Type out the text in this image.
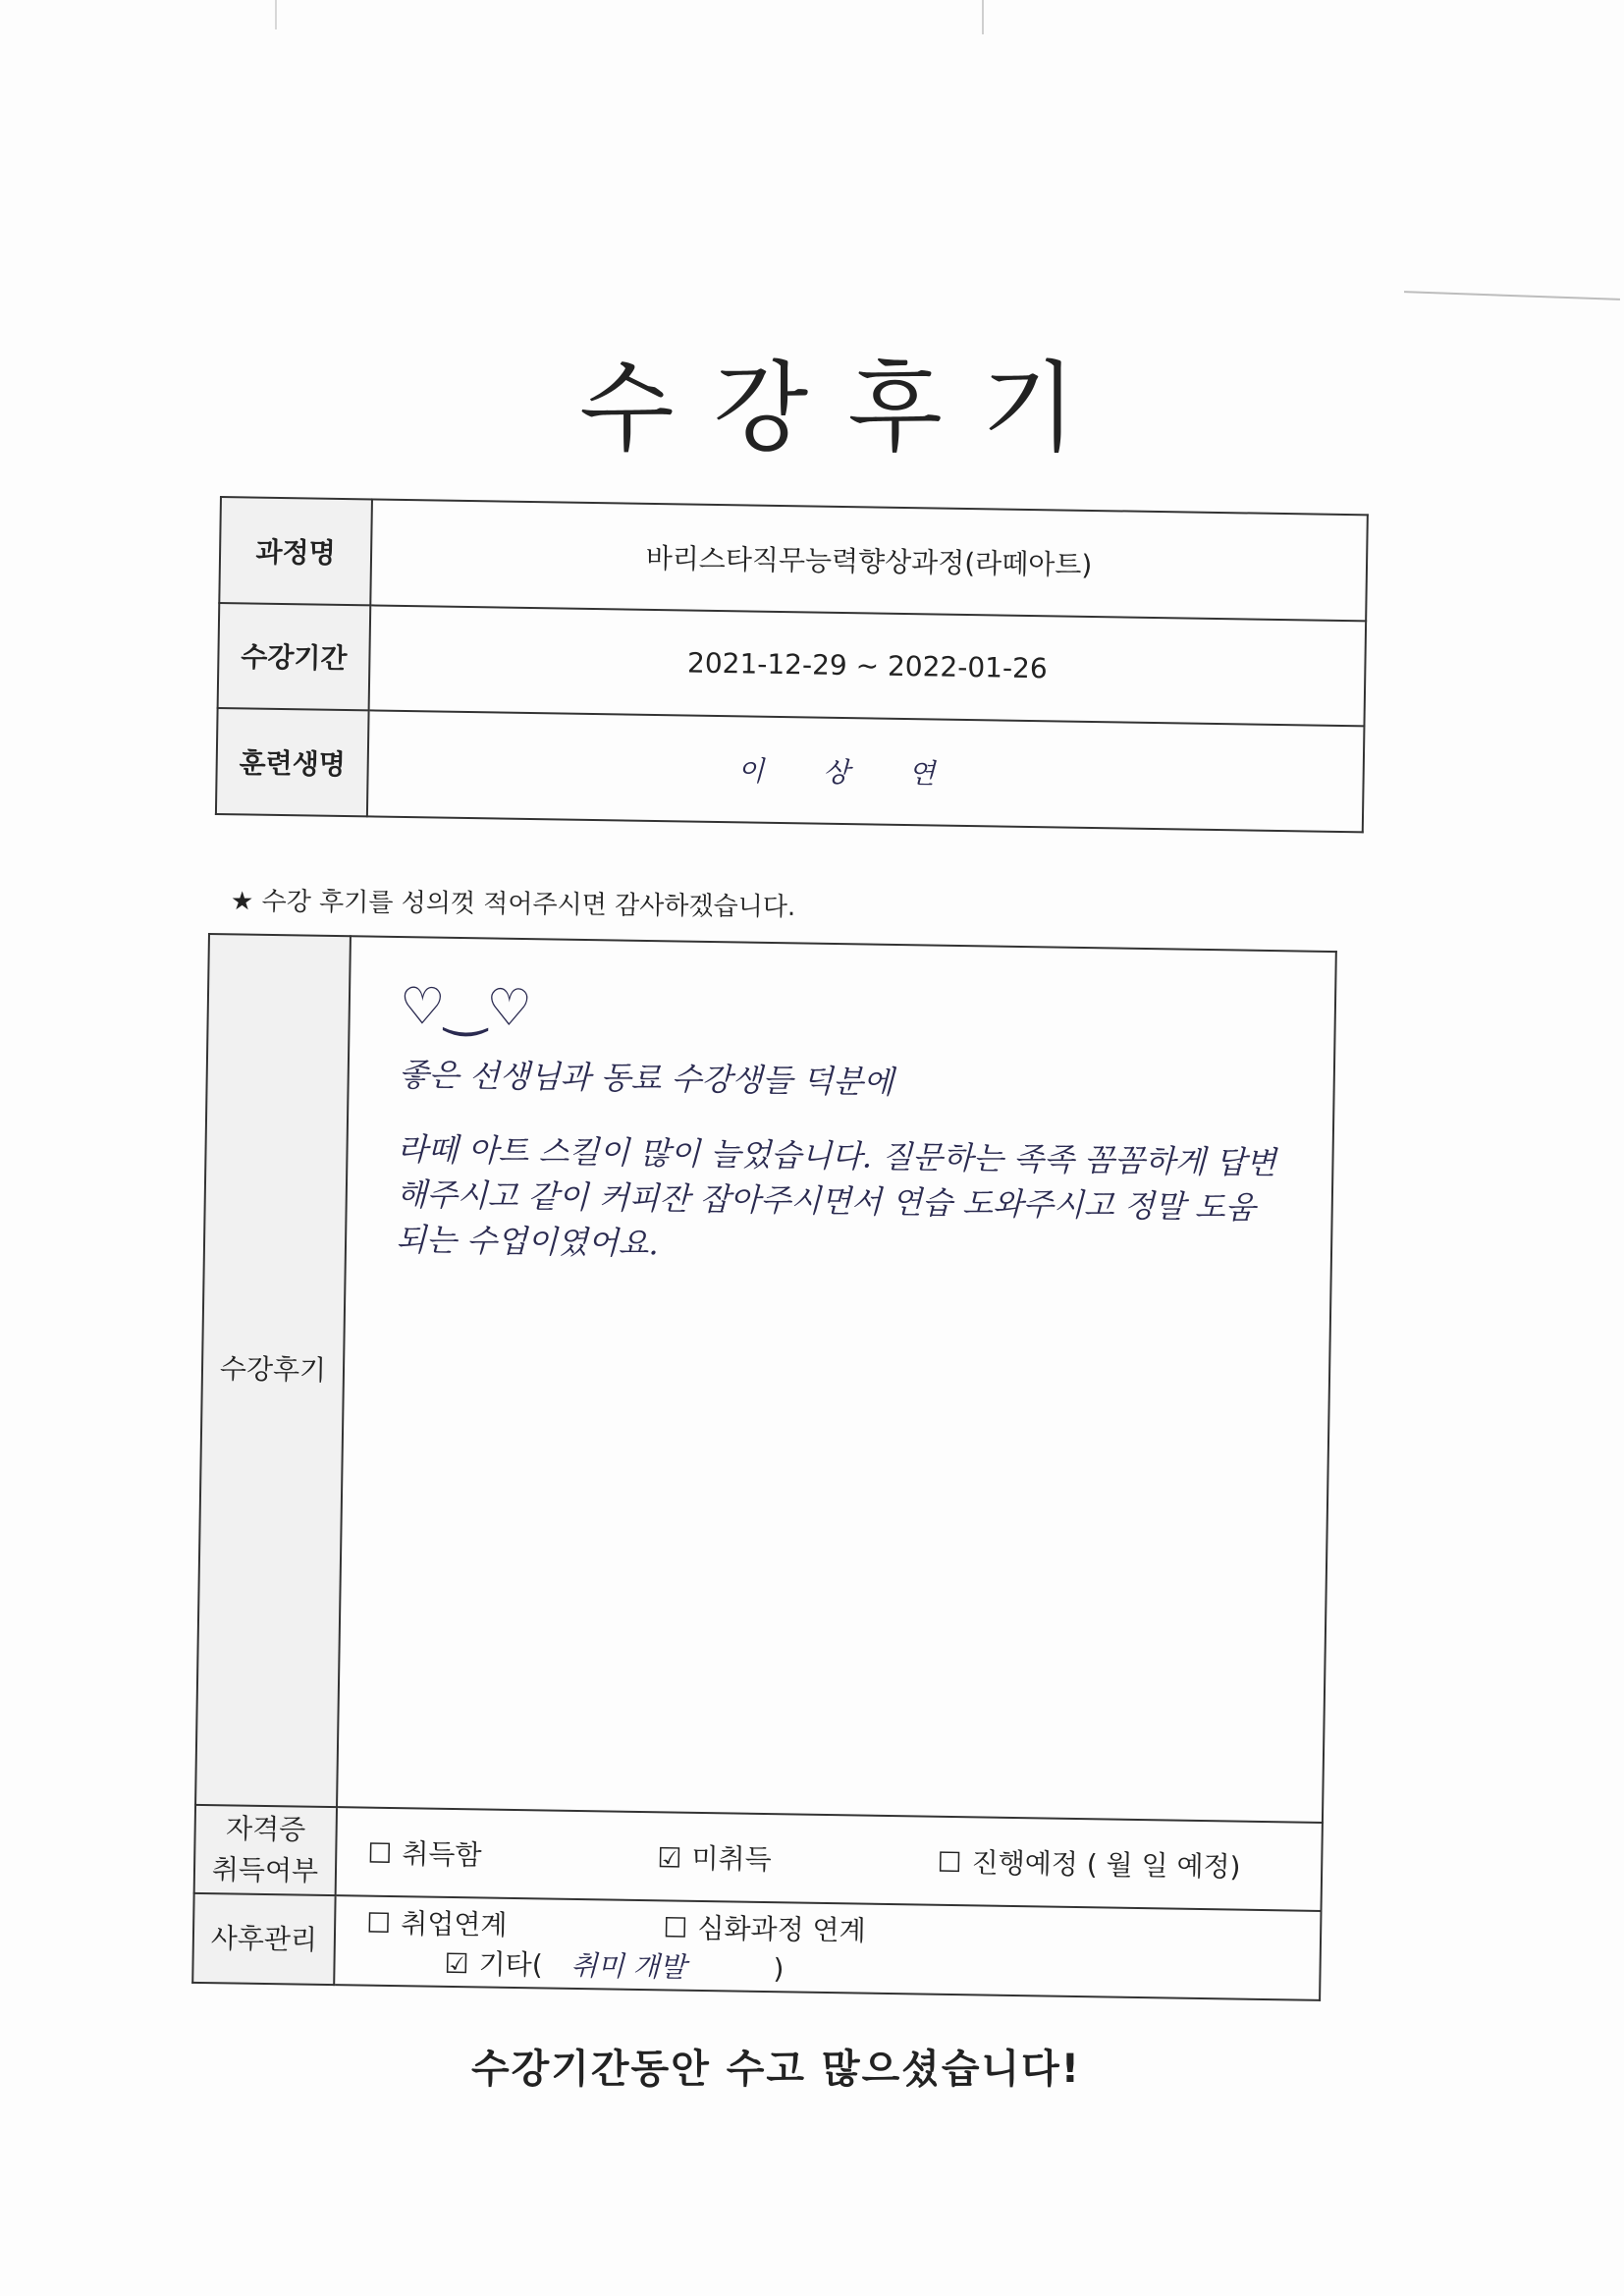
수강후기
과정명	바리스타직무능력향상과정(라떼아트)
수강기간	2021-12-29 ~ 2022-01-26
훈련생명	이상연
★ 수강 후기를 성의껏 적어주시면 감사하겠습니다.
수강후기	♡‿♡

좋은 선생님과 동료 수강생들 덕분에

라떼 아트 스킬이 많이 늘었습니다. 질문하는 족족 꼼꼼하게 답변해주시고 같이 커피잔 잡아주시면서 연습 도와주시고 정말 도움되는 수업이였어요.

자격증
취득여부	☐ 취득함 ☑ 미취득 ☐ 진행예정 ( 월 일 예정)
사후관리	☐ 취업연계 ☐ 심화과정 연계 ☑ 기타( 취미 개발 )
수강기간동안 수고 많으셨습니다!
